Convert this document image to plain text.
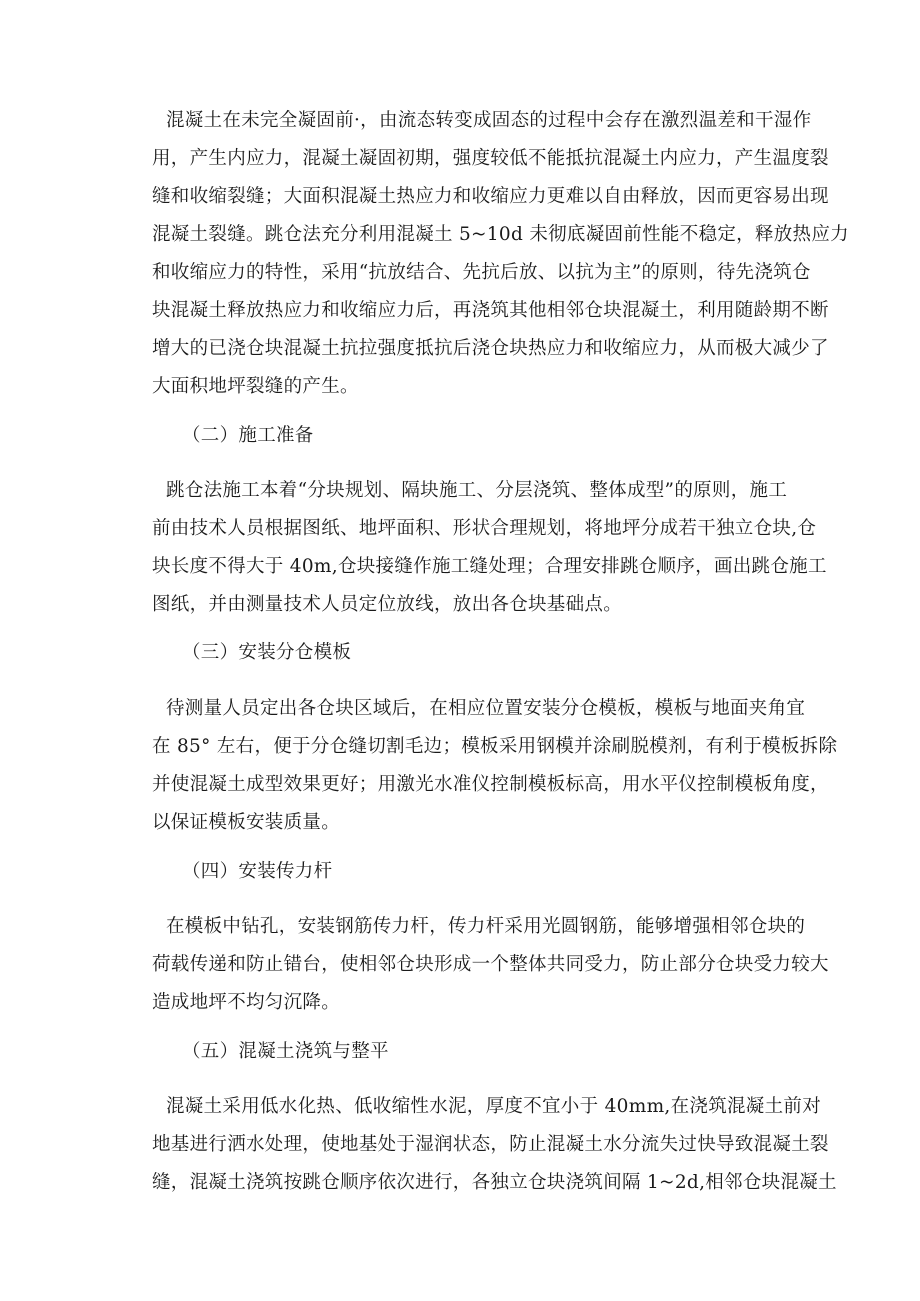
混凝土在未完全凝固前·，由流态转变成固态的过程中会存在激烈温差和干湿作
用，产生内应力，混凝土凝固初期，强度较低不能抵抗混凝土内应力，产生温度裂
缝和收缩裂缝；大面积混凝土热应力和收缩应力更难以自由释放，因而更容易出现
混凝土裂缝。跳仓法充分利用混凝土 5~10d 未彻底凝固前性能不稳定，释放热应力
和收缩应力的特性，采用“抗放结合、先抗后放、以抗为主”的原则，待先浇筑仓
块混凝土释放热应力和收缩应力后，再浇筑其他相邻仓块混凝土，利用随龄期不断
增大的已浇仓块混凝土抗拉强度抵抗后浇仓块热应力和收缩应力，从而极大减少了
大面积地坪裂缝的产生。
（二）施工准备
跳仓法施工本着“分块规划、隔块施工、分层浇筑、整体成型”的原则，施工
前由技术人员根据图纸、地坪面积、形状合理规划，将地坪分成若干独立仓块,仓
块长度不得大于 40m,仓块接缝作施工缝处理；合理安排跳仓顺序，画出跳仓施工
图纸，并由测量技术人员定位放线，放出各仓块基础点。
（三）安装分仓模板
待测量人员定出各仓块区域后，在相应位置安装分仓模板，模板与地面夹角宜
在 85° 左右，便于分仓缝切割毛边；模板采用钢模并涂刷脱模剂，有利于模板拆除
并使混凝土成型效果更好；用激光水准仪控制模板标高，用水平仪控制模板角度，
以保证模板安装质量。
（四）安装传力杆
在模板中钻孔，安装钢筋传力杆，传力杆采用光圆钢筋，能够增强相邻仓块的
荷载传递和防止错台，使相邻仓块形成一个整体共同受力，防止部分仓块受力较大
造成地坪不均匀沉降。
（五）混凝土浇筑与整平
混凝土采用低水化热、低收缩性水泥，厚度不宜小于 40mm,在浇筑混凝土前对
地基进行洒水处理，使地基处于湿润状态，防止混凝土水分流失过快导致混凝土裂
缝，混凝土浇筑按跳仓顺序依次进行，各独立仓块浇筑间隔 1~2d,相邻仓块混凝土
